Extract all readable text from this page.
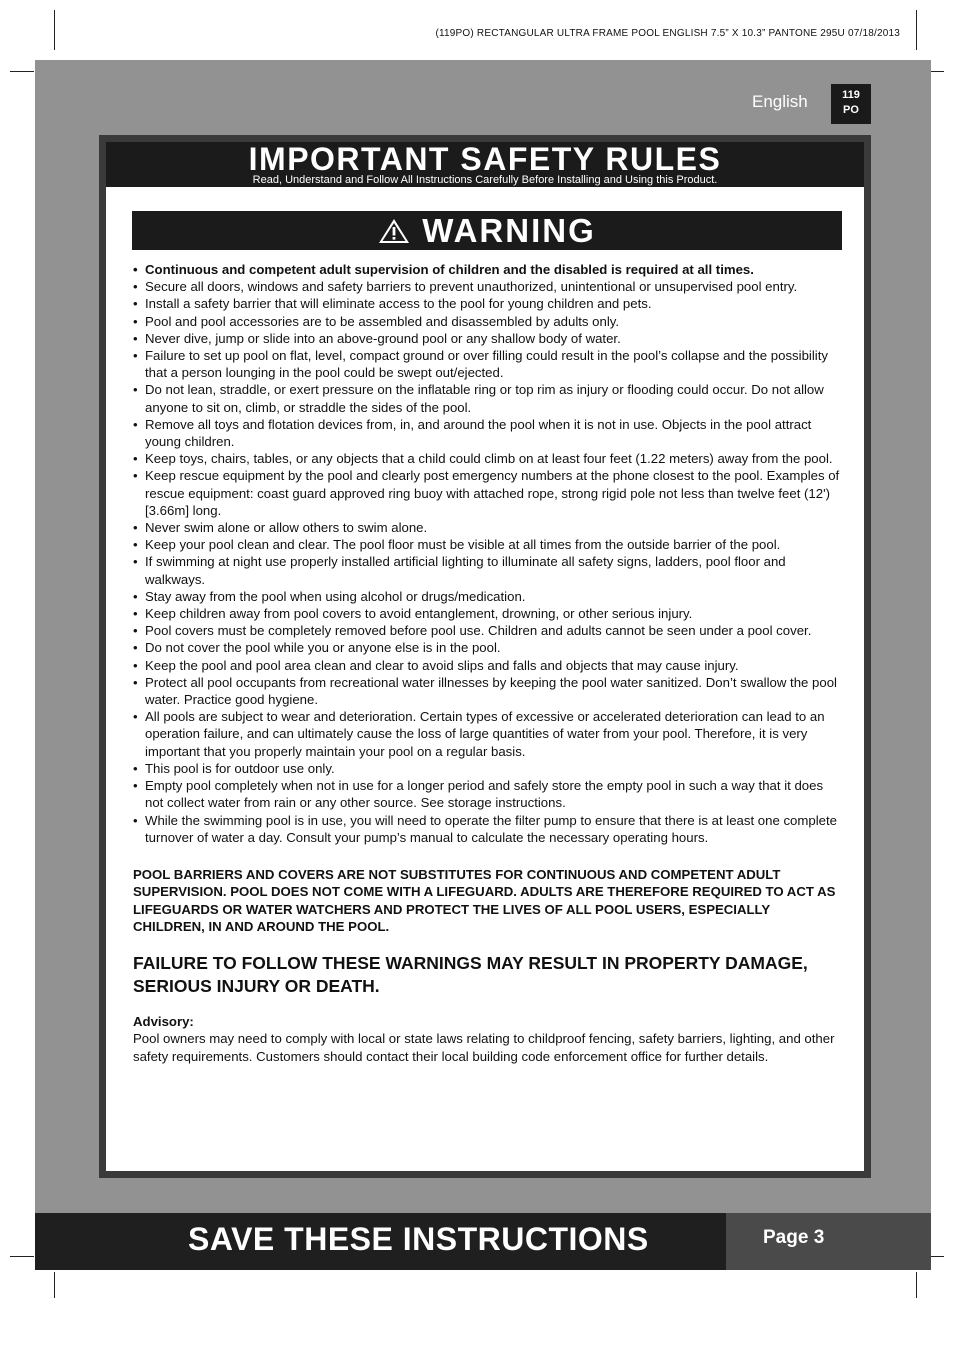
(119PO) RECTANGULAR ULTRA FRAME POOL ENGLISH 7.5” X 10.3” PANTONE 295U 07/18/2013
English	119
PO
IMPORTANT SAFETY RULES
Read, Understand and Follow All Instructions Carefully Before Installing and Using this Product.
WARNING
• Continuous and competent adult supervision of children and the disabled is required at all times.
• Secure all doors, windows and safety barriers to prevent unauthorized, unintentional or unsupervised pool entry.
• Install a safety barrier that will eliminate access to the pool for young children and pets.
• Pool and pool accessories are to be assembled and disassembled by adults only.
• Never dive, jump or slide into an above-ground pool or any shallow body of water.
• Failure to set up pool on flat, level, compact ground or over filling could result in the pool’s collapse and the possibility that a person lounging in the pool could be swept out/ejected.
• Do not lean, straddle, or exert pressure on the inflatable ring or top rim as injury or flooding could occur. Do not allow anyone to sit on, climb, or straddle the sides of the pool.
• Remove all toys and flotation devices from, in, and around the pool when it is not in use. Objects in the pool attract young children.
• Keep toys, chairs, tables, or any objects that a child could climb on at least four feet (1.22 meters) away from the pool.
• Keep rescue equipment by the pool and clearly post emergency numbers at the phone closest to the pool. Examples of rescue equipment: coast guard approved ring buoy with attached rope, strong rigid pole not less than twelve feet (12') [3.66m] long.
• Never swim alone or allow others to swim alone.
• Keep your pool clean and clear. The pool floor must be visible at all times from the outside barrier of the pool.
• If swimming at night use properly installed artificial lighting to illuminate all safety signs, ladders, pool floor and walkways.
• Stay away from the pool when using alcohol or drugs/medication.
• Keep children away from pool covers to avoid entanglement, drowning, or other serious injury.
• Pool covers must be completely removed before pool use. Children and adults cannot be seen under a pool cover.
• Do not cover the pool while you or anyone else is in the pool.
• Keep the pool and pool area clean and clear to avoid slips and falls and objects that may cause injury.
• Protect all pool occupants from recreational water illnesses by keeping the pool water sanitized. Don’t swallow the pool water. Practice good hygiene.
• All pools are subject to wear and deterioration. Certain types of excessive or accelerated deterioration can lead to an operation failure, and can ultimately cause the loss of large quantities of water from your pool. Therefore, it is very important that you properly maintain your pool on a regular basis.
• This pool is for outdoor use only.
• Empty pool completely when not in use for a longer period and safely store the empty pool in such a way that it does not collect water from rain or any other source. See storage instructions.
• While the swimming pool is in use, you will need to operate the filter pump to ensure that there is at least one complete turnover of water a day. Consult your pump’s manual to calculate the necessary operating hours.
POOL BARRIERS AND COVERS ARE NOT SUBSTITUTES FOR CONTINUOUS AND COMPETENT ADULT SUPERVISION. POOL DOES NOT COME WITH A LIFEGUARD. ADULTS ARE THEREFORE REQUIRED TO ACT AS LIFEGUARDS OR WATER WATCHERS AND PROTECT THE LIVES OF ALL POOL USERS, ESPECIALLY CHILDREN, IN AND AROUND THE POOL.
FAILURE TO FOLLOW THESE WARNINGS MAY RESULT IN PROPERTY DAMAGE, SERIOUS INJURY OR DEATH.
Advisory:
Pool owners may need to comply with local or state laws relating to childproof fencing, safety barriers, lighting, and other safety requirements. Customers should contact their local building code enforcement office for further details.
SAVE THESE INSTRUCTIONS	Page 3
